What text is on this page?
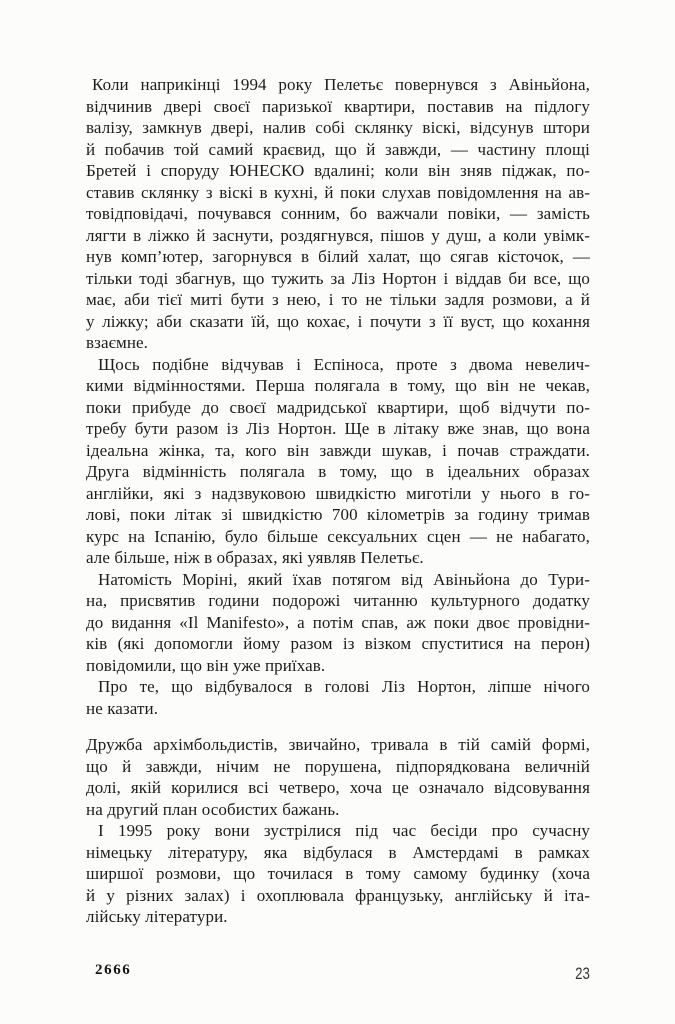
Коли наприкінці 1994 року Пелетьє повернувся з Авіньйона,
відчинив двері своєї паризької квартири, поставив на підлогу
валізу, замкнув двері, налив собі склянку віскі, відсунув штори
й побачив той самий краєвид, що й завжди, — частину площі
Бретей і споруду ЮНЕСКО вдалині; коли він зняв піджак, по-
ставив склянку з віскі в кухні, й поки слухав повідомлення на ав-
товідповідачі, почувався сонним, бо важчали повіки, — замість
лягти в ліжко й заснути, роздягнувся, пішов у душ, а коли увімк-
нув комп’ютер, загорнувся в білий халат, що сягав кісточок, —
тільки тоді збагнув, що тужить за Ліз Нортон і віддав би все, що
має, аби тієї миті бути з нею, і то не тільки задля розмови, а й
у ліжку; аби сказати їй, що кохає, і почути з її вуст, що кохання
взаємне.
Щось подібне відчував і Еспіноса, проте з двома невелич-
кими відмінностями. Перша полягала в тому, що він не чекав,
поки прибуде до своєї мадридської квартири, щоб відчути по-
требу бути разом із Ліз Нортон. Ще в літаку вже знав, що вона
ідеальна жінка, та, кого він завжди шукав, і почав страждати.
Друга відмінність полягала в тому, що в ідеальних образах
англійки, які з надзвуковою швидкістю миготіли у нього в го-
лові, поки літак зі швидкістю 700 кілометрів за годину тримав
курс на Іспанію, було більше сексуальних сцен — не набагато,
але більше, ніж в образах, які уявляв Пелетьє.
Натомість Моріні, який їхав потягом від Авіньйона до Тури-
на, присвятив години подорожі читанню культурного додатку
до видання «Il Manifesto», а потім спав, аж поки двоє провідни-
ків (які допомогли йому разом із візком спуститися на перон)
повідомили, що він уже приїхав.
Про те, що відбувалося в голові Ліз Нортон, ліпше нічого
не казати.
Дружба архімбольдистів, звичайно, тривала в тій самій формі,
що й завжди, нічим не порушена, підпорядкована величній
долі, якій корилися всі четверо, хоча це означало відсовування
на другий план особистих бажань.
І 1995 року вони зустрілися під час бесіди про сучасну
німецьку літературу, яка відбулася в Амстердамі в рамках
ширшої розмови, що точилася в тому самому будинку (хоча
й у різних залах) і охоплювала французьку, англійську й іта-
лійську літератури.
2666	23
